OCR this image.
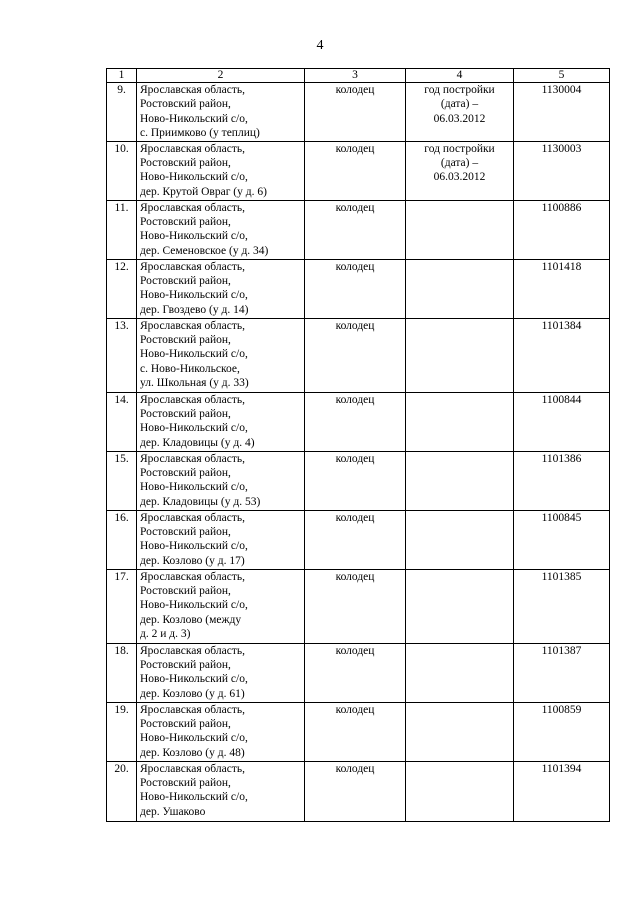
4
1	2	3	4	5
9.	Ярославская область,
Ростовский район,
Ново-Никольский с/о,
с. Приимково (у теплиц)	колодец	год постройки
(дата) –
06.03.2012	1130004
10.	Ярославская область,
Ростовский район,
Ново-Никольский с/о,
дер. Крутой Овраг (у д. 6)	колодец	год постройки
(дата) –
06.03.2012	1130003
11.	Ярославская область,
Ростовский район,
Ново-Никольский с/о,
дер. Семеновское (у д. 34)	колодец		1100886
12.	Ярославская область,
Ростовский район,
Ново-Никольский с/о,
дер. Гвоздево (у д. 14)	колодец		1101418
13.	Ярославская область,
Ростовский район,
Ново-Никольский с/о,
с. Ново-Никольское,
ул. Школьная (у д. 33)	колодец		1101384
14.	Ярославская область,
Ростовский район,
Ново-Никольский с/о,
дер. Кладовицы (у д. 4)	колодец		1100844
15.	Ярославская область,
Ростовский район,
Ново-Никольский с/о,
дер. Кладовицы (у д. 53)	колодец		1101386
16.	Ярославская область,
Ростовский район,
Ново-Никольский с/о,
дер. Козлово (у д. 17)	колодец		1100845
17.	Ярославская область,
Ростовский район,
Ново-Никольский с/о,
дер. Козлово (между
д. 2 и д. 3)	колодец		1101385
18.	Ярославская область,
Ростовский район,
Ново-Никольский с/о,
дер. Козлово (у д. 61)	колодец		1101387
19.	Ярославская область,
Ростовский район,
Ново-Никольский с/о,
дер. Козлово (у д. 48)	колодец		1100859
20.	Ярославская область,
Ростовский район,
Ново-Никольский с/о,
дер. Ушаково	колодец		1101394
